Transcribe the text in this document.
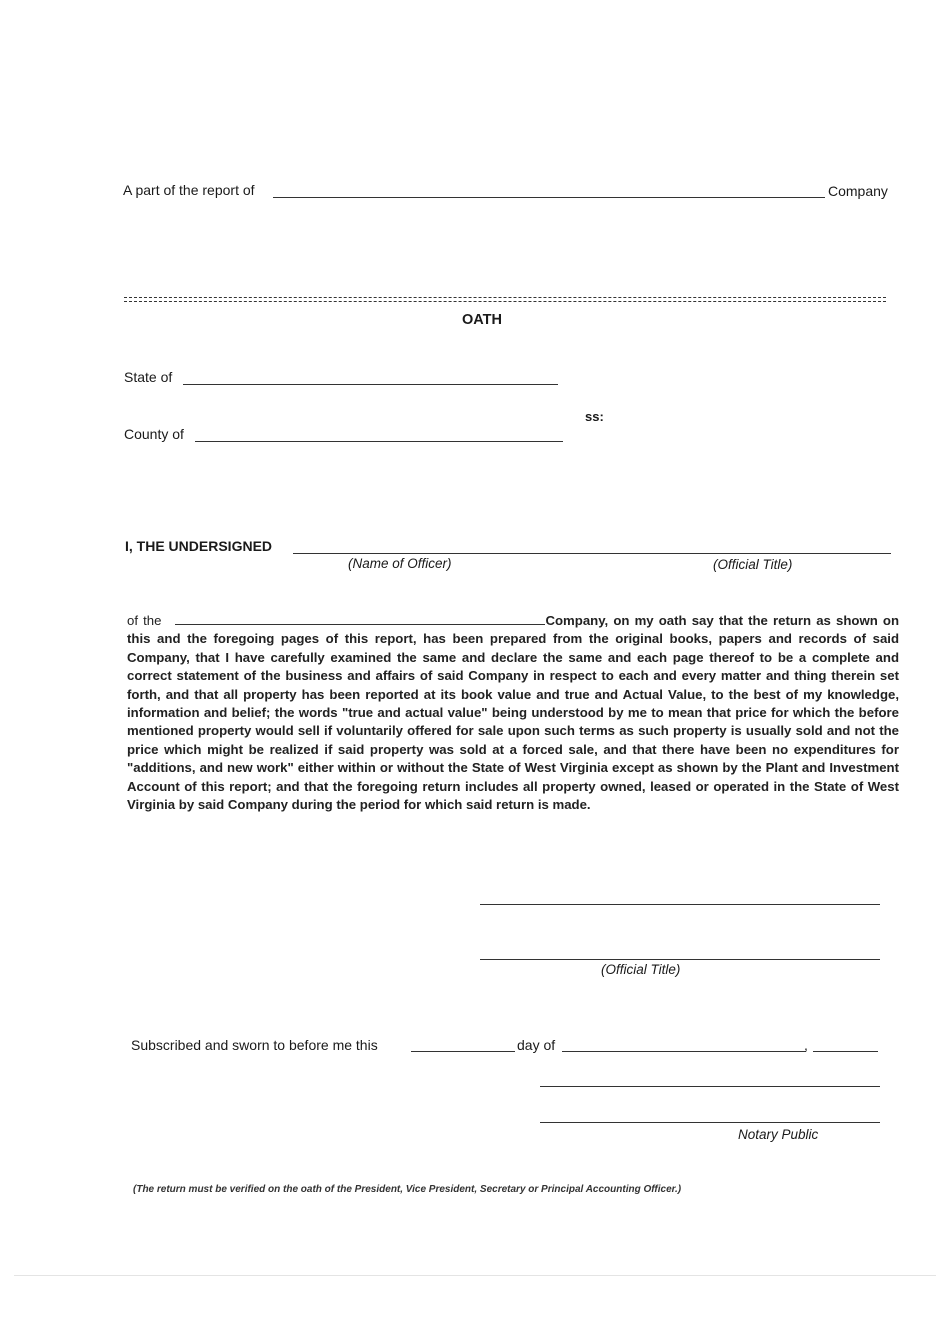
A part of the report of	Company
OATH
State of
ss:
County of
I, THE UNDERSIGNED
(Name of Officer)	(Official Title)
of the	Company, on my oath say that the return as shown on this and the foregoing pages of this report, has been prepared from the original books, papers and records of said Company, that I have carefully examined the same and declare the same and each page thereof to be a complete and correct statement of the business and affairs of said Company in respect to each and every matter and thing therein set forth, and that all property has been reported at its book value and true and Actual Value, to the best of my knowledge, information and belief; the words "true and actual value" being understood by me to mean that price for which the before mentioned property would sell if voluntarily offered for sale upon such terms as such property is usually sold and not the price which might be realized if said property was sold at a forced sale, and that there have been no expenditures for "additions, and new work" either within or without the State of West Virginia except as shown by the Plant and Investment Account of this report; and that the foregoing return includes all property owned, leased or operated in the State of West Virginia by said Company during the period for which said return is made.
(Official Title)
Subscribed and sworn to before me this	day of	,
Notary Public
(The return must be verified on the oath of the President, Vice President, Secretary or Principal Accounting Officer.)
